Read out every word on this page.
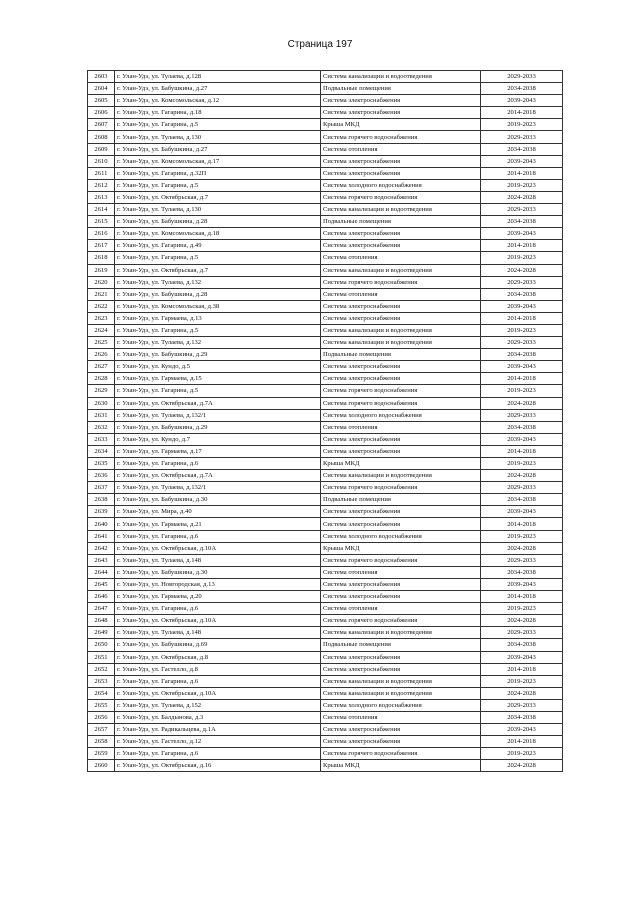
Страница 197
2603	г. Улан-Удэ, ул. Тулаева, д.128	Система канализации и водоотведения	2029-2033
2604	г. Улан-Удэ, ул. Бабушкина, д.27	Подвальные помещения	2034-2038
2605	г. Улан-Удэ, ул. Комсомольская, д.12	Система электроснабжения	2039-2043
2606	г. Улан-Удэ, ул. Гагарина, д.18	Система электроснабжения	2014-2018
2607	г. Улан-Удэ, ул. Гагарина, д.5	Крыша МКД	2019-2023
2608	г. Улан-Удэ, ул. Тулаева, д.130	Система горячего водоснабжения	2029-2033
2609	г. Улан-Удэ, ул. Бабушкина, д.27	Система отопления	2034-2038
2610	г. Улан-Удэ, ул. Комсомольская, д.17	Система электроснабжения	2039-2043
2611	г. Улан-Удэ, ул. Гагарина, д.32П	Система электроснабжения	2014-2018
2612	г. Улан-Удэ, ул. Гагарина, д.5	Система холодного водоснабжения	2019-2023
2613	г. Улан-Удэ, ул. Октябрьская, д.7	Система горячего водоснабжения	2024-2028
2614	г. Улан-Удэ, ул. Тулаева, д.130	Система канализации и водоотведения	2029-2033
2615	г. Улан-Удэ, ул. Бабушкина, д.28	Подвальные помещения	2034-2038
2616	г. Улан-Удэ, ул. Комсомольская, д.18	Система электроснабжения	2039-2043
2617	г. Улан-Удэ, ул. Гагарина, д.49	Система электроснабжения	2014-2018
2618	г. Улан-Удэ, ул. Гагарина, д.5	Система отопления	2019-2023
2619	г. Улан-Удэ, ул. Октябрьская, д.7	Система канализации и водоотведения	2024-2028
2620	г. Улан-Удэ, ул. Тулаева, д.132	Система горячего водоснабжения	2029-2033
2621	г. Улан-Удэ, ул. Бабушкина, д.28	Система отопления	2034-2038
2622	г. Улан-Удэ, ул. Комсомольская, д.38	Система электроснабжения	2039-2043
2623	г. Улан-Удэ, ул. Гармаева, д.13	Система электроснабжения	2014-2018
2624	г. Улан-Удэ, ул. Гагарина, д.5	Система канализации и водоотведения	2019-2023
2625	г. Улан-Удэ, ул. Тулаева, д.132	Система канализации и водоотведения	2029-2033
2626	г. Улан-Удэ, ул. Бабушкина, д.29	Подвальные помещения	2034-2038
2627	г. Улан-Удэ, ул. Кундо, д.5	Система электроснабжения	2039-2043
2628	г. Улан-Удэ, ул. Гармаева, д.15	Система электроснабжения	2014-2018
2629	г. Улан-Удэ, ул. Гагарина, д.5	Система горячего водоснабжения	2019-2023
2630	г. Улан-Удэ, ул. Октябрьская, д.7А	Система горячего водоснабжения	2024-2028
2631	г. Улан-Удэ, ул. Тулаева, д.132/1	Система холодного водоснабжения	2029-2033
2632	г. Улан-Удэ, ул. Бабушкина, д.29	Система отопления	2034-2038
2633	г. Улан-Удэ, ул. Кундо, д.7	Система электроснабжения	2039-2043
2634	г. Улан-Удэ, ул. Гармаева, д.17	Система электроснабжения	2014-2018
2635	г. Улан-Удэ, ул. Гагарина, д.6	Крыша МКД	2019-2023
2636	г. Улан-Удэ, ул. Октябрьская, д.7А	Система канализации и водоотведения	2024-2028
2637	г. Улан-Удэ, ул. Тулаева, д.132/1	Система горячего водоснабжения	2029-2033
2638	г. Улан-Удэ, ул. Бабушкина, д.30	Подвальные помещения	2034-2038
2639	г. Улан-Удэ, ул. Мира, д.40	Система электроснабжения	2039-2043
2640	г. Улан-Удэ, ул. Гармаева, д.21	Система электроснабжения	2014-2018
2641	г. Улан-Удэ, ул. Гагарина, д.6	Система холодного водоснабжения	2019-2023
2642	г. Улан-Удэ, ул. Октябрьская, д.10А	Крыша МКД	2024-2028
2643	г. Улан-Удэ, ул. Тулаева, д.148	Система горячего водоснабжения	2029-2033
2644	г. Улан-Удэ, ул. Бабушкина, д.30	Система отопления	2034-2038
2645	г. Улан-Удэ, ул. Новгородская, д.13	Система электроснабжения	2039-2043
2646	г. Улан-Удэ, ул. Гармаева, д.20	Система электроснабжения	2014-2018
2647	г. Улан-Удэ, ул. Гагарина, д.6	Система отопления	2019-2023
2648	г. Улан-Удэ, ул. Октябрьская, д.10А	Система горячего водоснабжения	2024-2028
2649	г. Улан-Удэ, ул. Тулаева, д.148	Система канализации и водоотведения	2029-2033
2650	г. Улан-Удэ, ул. Бабушкина, д.69	Подвальные помещения	2034-2038
2651	г. Улан-Удэ, ул. Октябрьская, д.8	Система электроснабжения	2039-2043
2652	г. Улан-Удэ, ул. Гастелло, д.8	Система электроснабжения	2014-2018
2653	г. Улан-Удэ, ул. Гагарина, д.6	Система канализации и водоотведения	2019-2023
2654	г. Улан-Удэ, ул. Октябрьская, д.10А	Система канализации и водоотведения	2024-2028
2655	г. Улан-Удэ, ул. Тулаева, д.152	Система холодного водоснабжения	2029-2033
2656	г. Улан-Удэ, ул. Балдынова, д.3	Система отопления	2034-2038
2657	г. Улан-Удэ, ул. Радикальцева, д.1А	Система электроснабжения	2039-2043
2658	г. Улан-Удэ, ул. Гастелло, д.12	Система электроснабжения	2014-2018
2659	г. Улан-Удэ, ул. Гагарина, д.6	Система горячего водоснабжения	2019-2023
2660	г. Улан-Удэ, ул. Октябрьская, д.16	Крыша МКД	2024-2028
